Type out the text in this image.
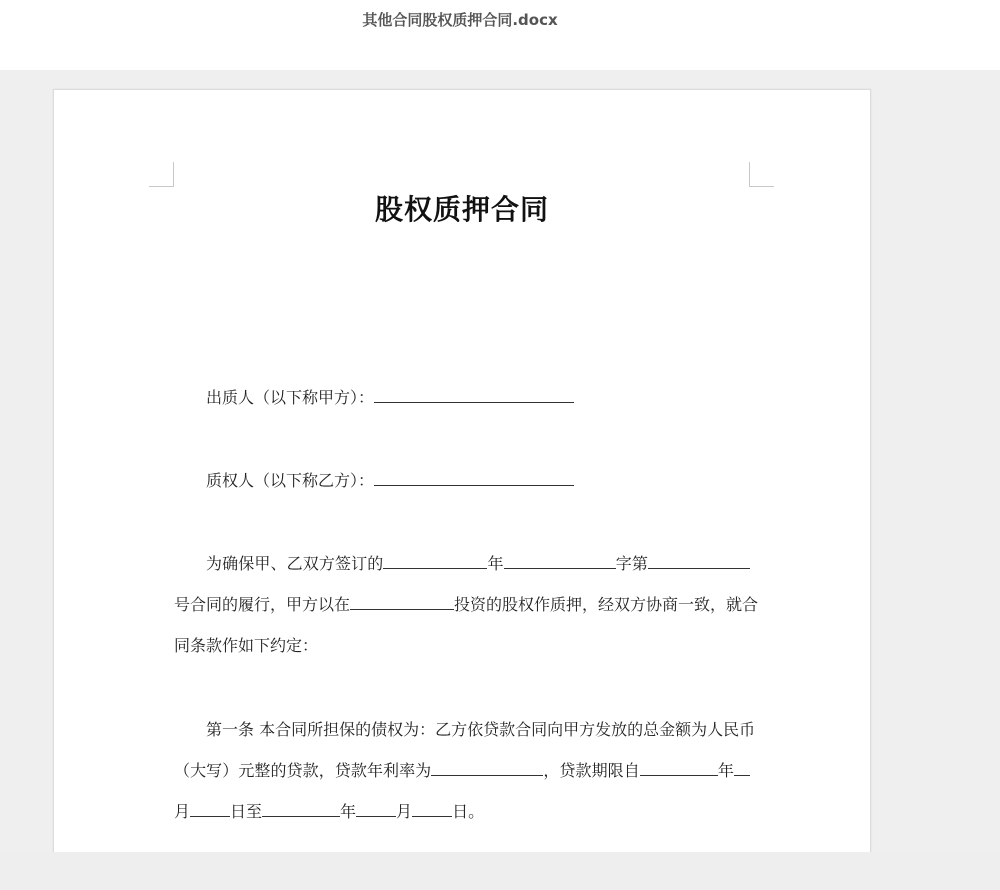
其他合同股权质押合同.docx
股权质押合同
出质人（以下称甲方）：
质权人（以下称乙方）：
为确保甲、乙双方签订的	年	字第
号合同的履行，甲方以在	投资的股权作质押，经双方协商一致，就合
同条款作如下约定：
第一条 本合同所担保的债权为：乙方依贷款合同向甲方发放的总金额为人民币
（大写）元整的贷款，贷款年利率为	，贷款期限自	年
月	日至	年	月	日。
